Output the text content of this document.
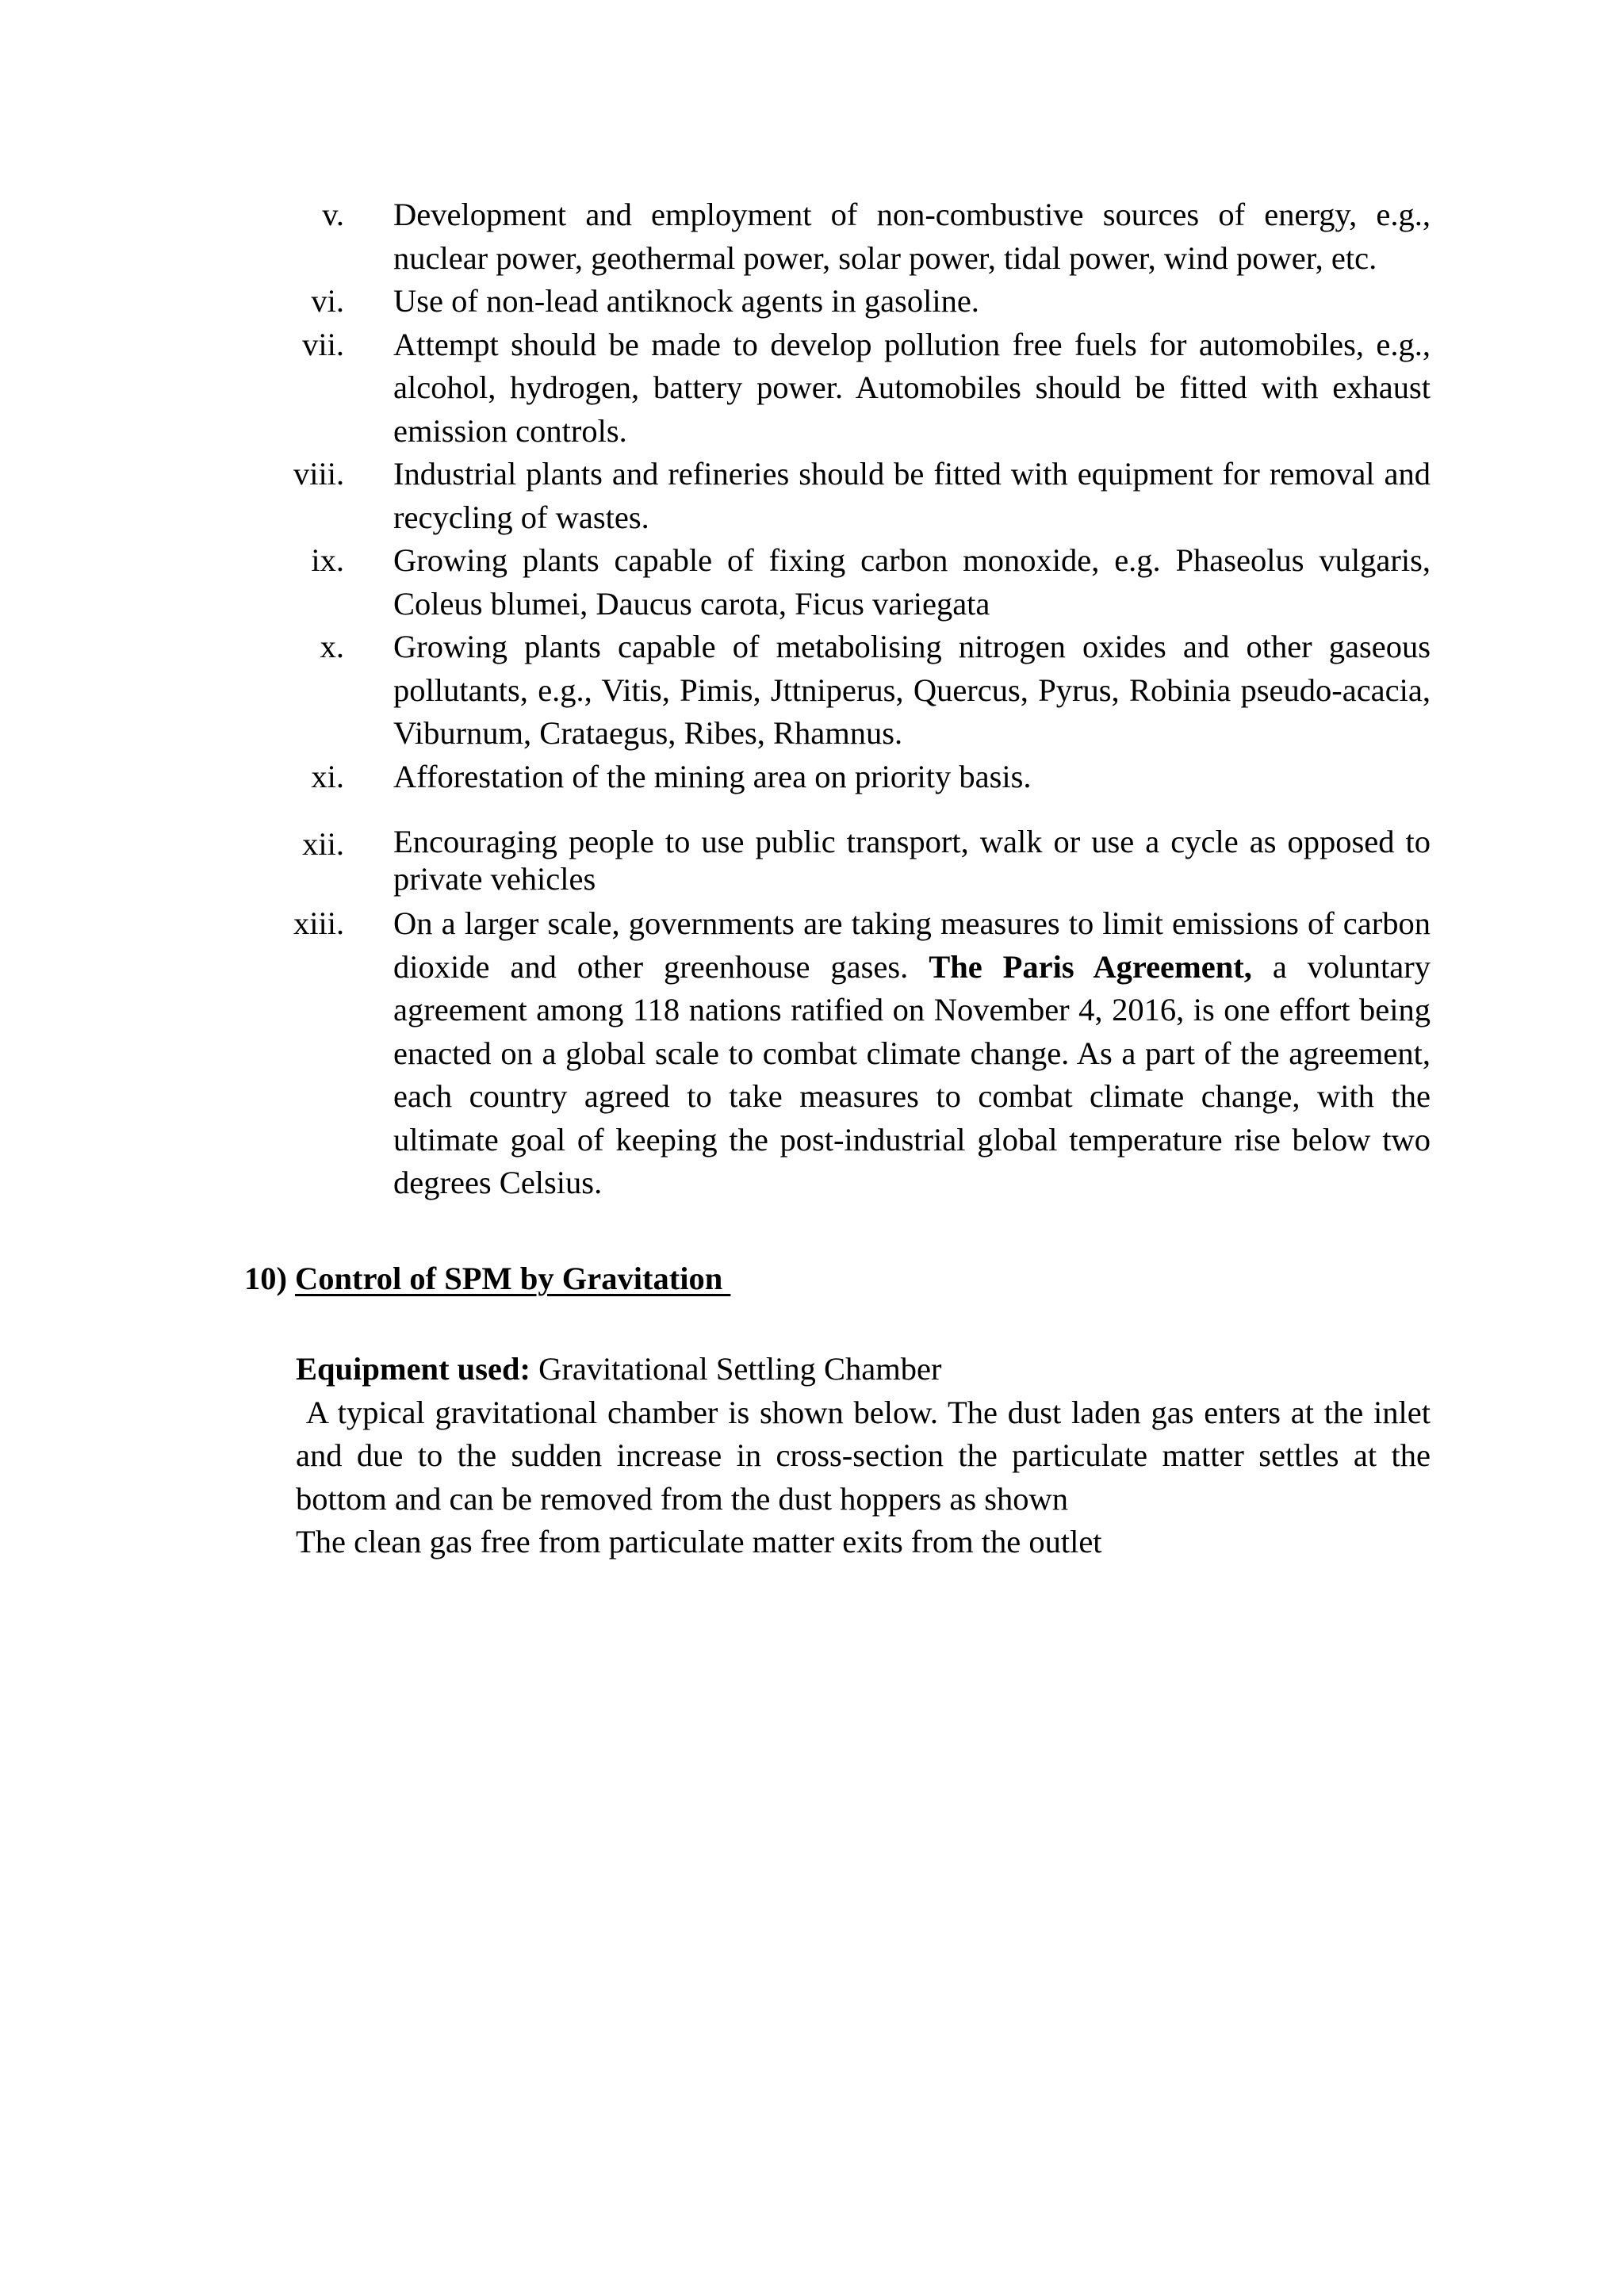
v. Development and employment of non-combustive sources of energy, e.g., nuclear power, geothermal power, solar power, tidal power, wind power, etc.
vi. Use of non-lead antiknock agents in gasoline.
vii. Attempt should be made to develop pollution free fuels for automobiles, e.g., alcohol, hydrogen, battery power. Automobiles should be fitted with exhaust emission controls.
viii. Industrial plants and refineries should be fitted with equipment for removal and recycling of wastes.
ix. Growing plants capable of fixing carbon monoxide, e.g. Phaseolus vulgaris, Coleus blumei, Daucus carota, Ficus variegata
x. Growing plants capable of metabolising nitrogen oxides and other gaseous pollutants, e.g., Vitis, Pimis, Jttniperus, Quercus, Pyrus, Robinia pseudo-acacia, Viburnum, Crataegus, Ribes, Rhamnus.
xi. Afforestation of the mining area on priority basis.
xii. Encouraging people to use public transport, walk or use a cycle as opposed to private vehicles
xiii. On a larger scale, governments are taking measures to limit emissions of carbon dioxide and other greenhouse gases. The Paris Agreement, a voluntary agreement among 118 nations ratified on November 4, 2016, is one effort being enacted on a global scale to combat climate change. As a part of the agreement, each country agreed to take measures to combat climate change, with the ultimate goal of keeping the post-industrial global temperature rise below two degrees Celsius.
10) Control of SPM by Gravitation

Equipment used: Gravitational Settling Chamber

A typical gravitational chamber is shown below. The dust laden gas enters at the inlet and due to the sudden increase in cross-section the particulate matter settles at the bottom and can be removed from the dust hoppers as shown

The clean gas free from particulate matter exits from the outlet
